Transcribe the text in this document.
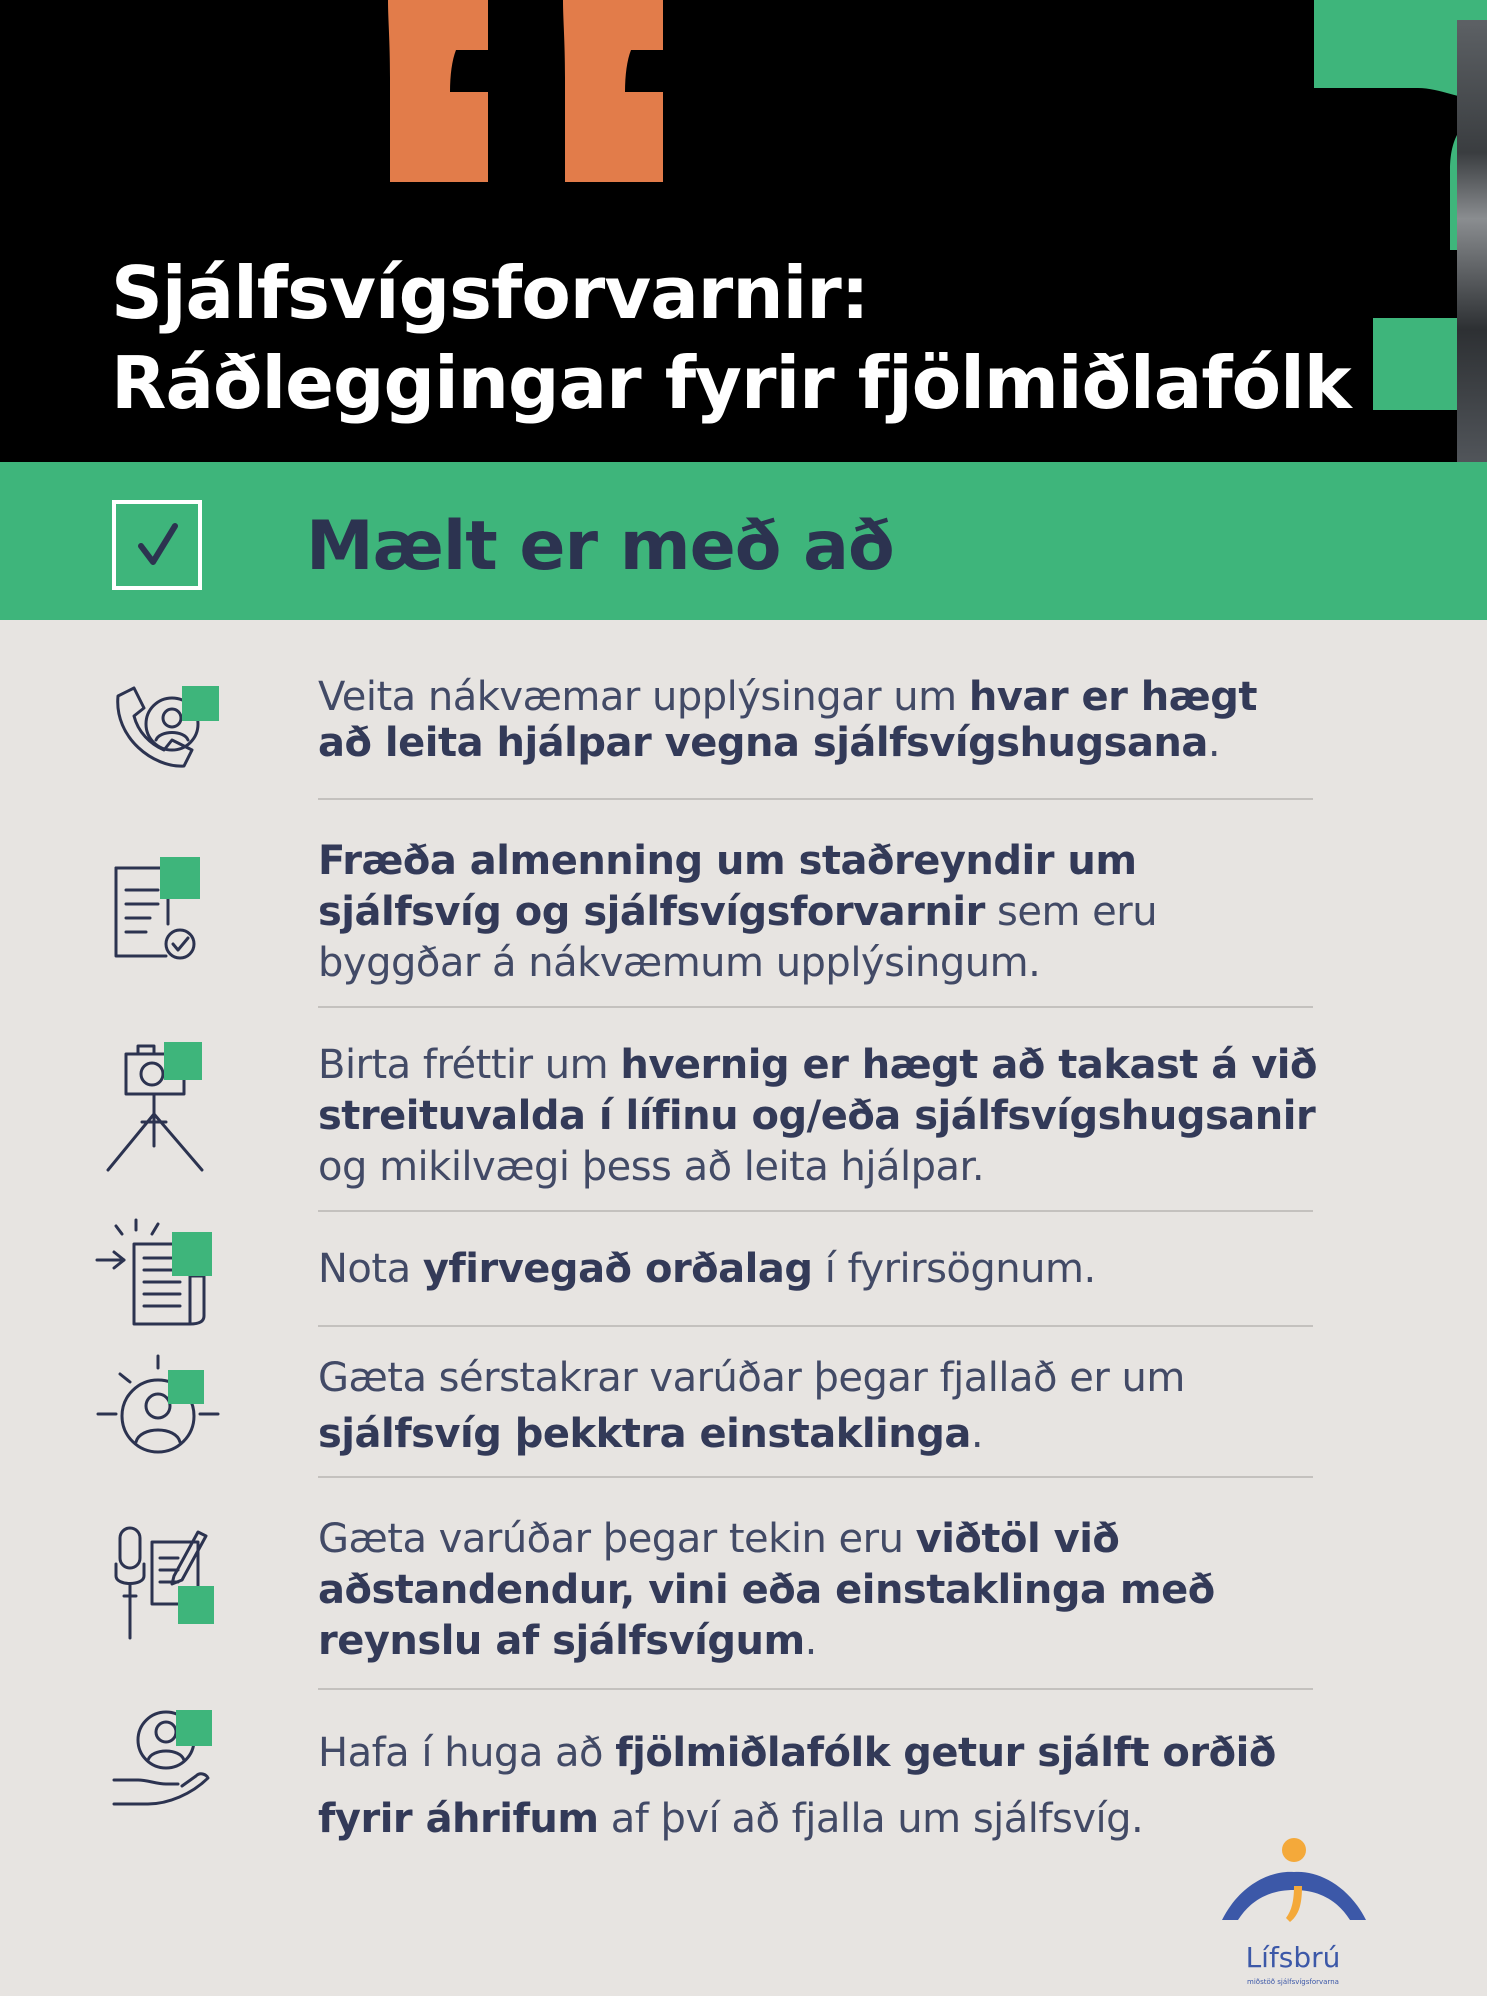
Sjálfsvígsforvarnir:
Ráðleggingar fyrir fjölmiðlafólk
Mælt er með að
Veita nákvæmar upplýsingar um hvar er hægt að leita hjálpar vegna sjálfsvígshugsana.
Fræða almenning um staðreyndir um sjálfsvíg og sjálfsvígsforvarnir sem eru byggðar á nákvæmum upplýsingum.
Birta fréttir um hvernig er hægt að takast á við streituvalda í lífinu og/eða sjálfsvígshugsanir og mikilvægi þess að leita hjálpar.
Nota yfirvegað orðalag í fyrirsögnum.
Gæta sérstakrar varúðar þegar fjallað er um sjálfsvíg þekktra einstaklinga.
Gæta varúðar þegar tekin eru viðtöl við aðstandendur, vini eða einstaklinga með reynslu af sjálfsvígum.
Hafa í huga að fjölmiðlafólk getur sjálft orðið fyrir áhrifum af því að fjalla um sjálfsvíg.
Lífsbrú
miðstöð sjálfsvígsforvarna
